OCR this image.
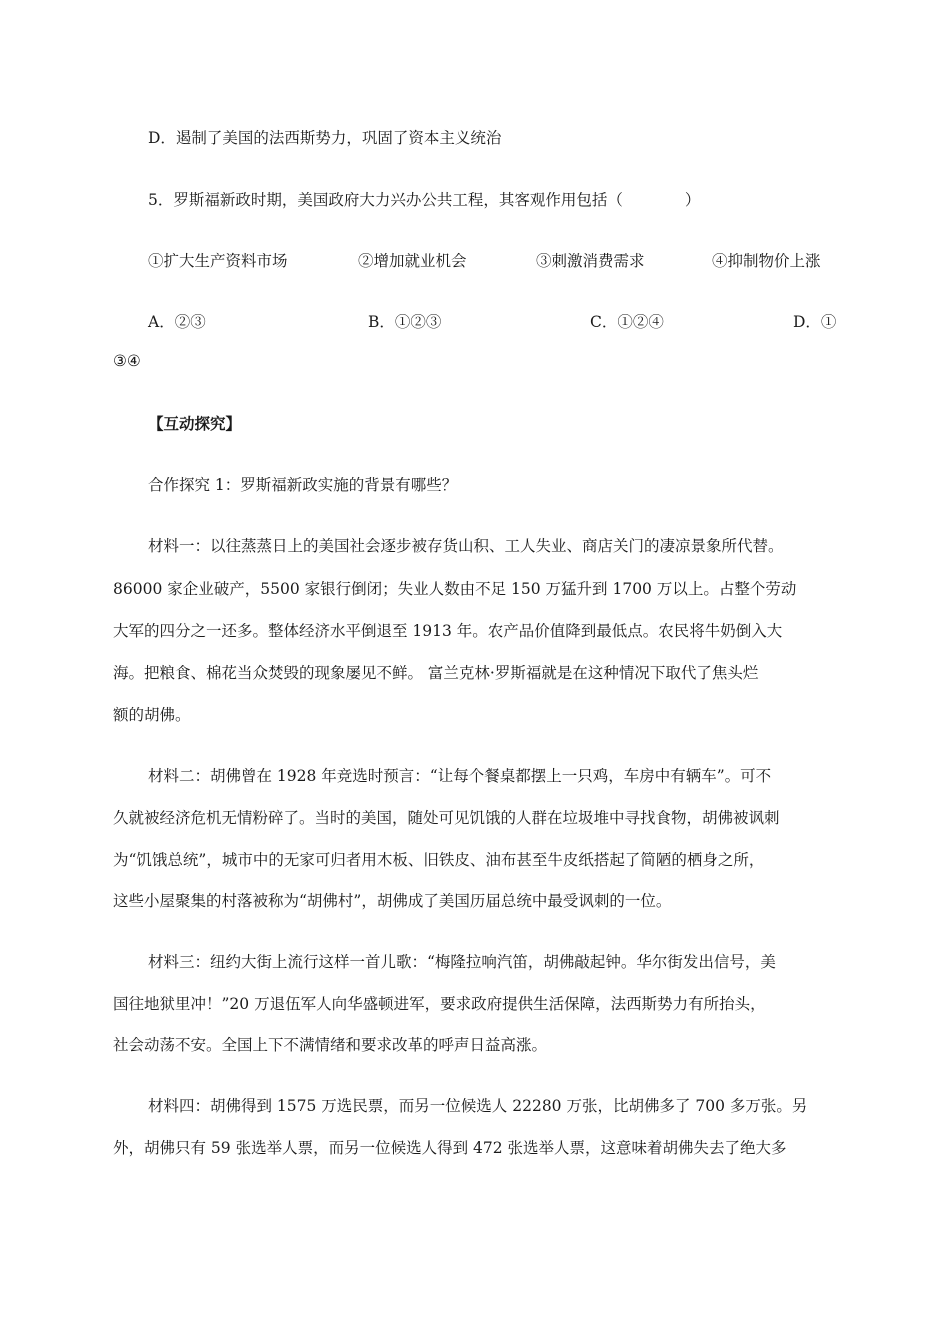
D．遏制了美国的法西斯势力，巩固了资本主义统治
5．罗斯福新政时期，美国政府大力兴办公共工程，其客观作用包括（　　　　）
①扩大生产资料市场	②增加就业机会	③刺激消费需求	④抑制物价上涨
A．②③	B．①②③	C．①②④	D．①
③④
【互动探究】
合作探究 1：罗斯福新政实施的背景有哪些？
材料一：以往蒸蒸日上的美国社会逐步被存货山积、工人失业、商店关门的凄凉景象所代替。
86000 家企业破产，5500 家银行倒闭；失业人数由不足 150 万猛升到 1700 万以上。占整个劳动
大军的四分之一还多。整体经济水平倒退至 1913 年。农产品价值降到最低点。农民将牛奶倒入大
海。把粮食、棉花当众焚毁的现象屡见不鲜。 富兰克林·罗斯福就是在这种情况下取代了焦头烂
额的胡佛。
材料二：胡佛曾在 1928 年竞选时预言：“让每个餐桌都摆上一只鸡，车房中有辆车”。可不
久就被经济危机无情粉碎了。当时的美国，随处可见饥饿的人群在垃圾堆中寻找食物，胡佛被讽刺
为“饥饿总统”，城市中的无家可归者用木板、旧铁皮、油布甚至牛皮纸搭起了简陋的栖身之所，
这些小屋聚集的村落被称为“胡佛村”，胡佛成了美国历届总统中最受讽刺的一位。
材料三：纽约大街上流行这样一首儿歌：“梅隆拉响汽笛，胡佛敲起钟。华尔街发出信号，美
国往地狱里冲！”20 万退伍军人向华盛顿进军，要求政府提供生活保障，法西斯势力有所抬头，
社会动荡不安。全国上下不满情绪和要求改革的呼声日益高涨。
材料四：胡佛得到 1575 万选民票，而另一位候选人 22280 万张，比胡佛多了 700 多万张。另
外，胡佛只有 59 张选举人票，而另一位候选人得到 472 张选举人票，这意味着胡佛失去了绝大多
